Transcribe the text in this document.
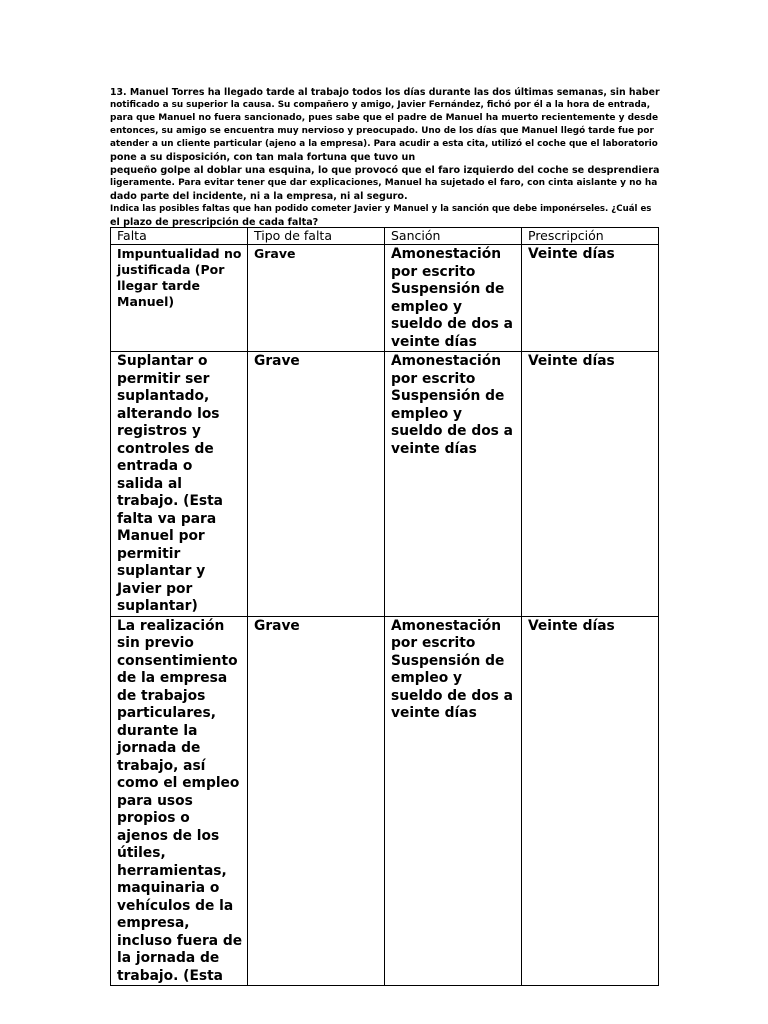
13. Manuel Torres ha llegado tarde al trabajo todos los días durante las dos últimas semanas, sin haber
notificado a su superior la causa. Su compañero y amigo, Javier Fernández, fichó por él a la hora de entrada,
para que Manuel no fuera sancionado, pues sabe que el padre de Manuel ha muerto recientemente y desde
entonces, su amigo se encuentra muy nervioso y preocupado. Uno de los días que Manuel llegó tarde fue por
atender a un cliente particular (ajeno a la empresa). Para acudir a esta cita, utilizó el coche que el laboratorio
pone a su disposición, con tan mala fortuna que tuvo un
pequeño golpe al doblar una esquina, lo que provocó que el faro izquierdo del coche se desprendiera
ligeramente. Para evitar tener que dar explicaciones, Manuel ha sujetado el faro, con cinta aislante y no ha
dado parte del incidente, ni a la empresa, ni al seguro.
Indica las posibles faltas que han podido cometer Javier y Manuel y la sanción que debe imponérseles. ¿Cuál es
el plazo de prescripción de cada falta?
Falta	Tipo de falta	Sanción	Prescripción

Impuntualidad no justificada (Por llegar tarde Manuel)	Grave	Amonestación por escrito Suspensión de empleo y sueldo de dos a veinte días	Veinte días

Suplantar o permitir ser suplantado, alterando los registros y controles de entrada o salida al trabajo. (Esta falta va para Manuel por permitir suplantar y Javier por suplantar)	Grave	Amonestación por escrito Suspensión de empleo y sueldo de dos a veinte días	Veinte días

La realización sin previo consentimiento de la empresa de trabajos particulares, durante la jornada de trabajo, así como el empleo para usos propios o ajenos de los útiles, herramientas, maquinaria o vehículos de la empresa, incluso fuera de la jornada de trabajo. (Esta	Grave	Amonestación por escrito Suspensión de empleo y sueldo de dos a veinte días	Veinte días
